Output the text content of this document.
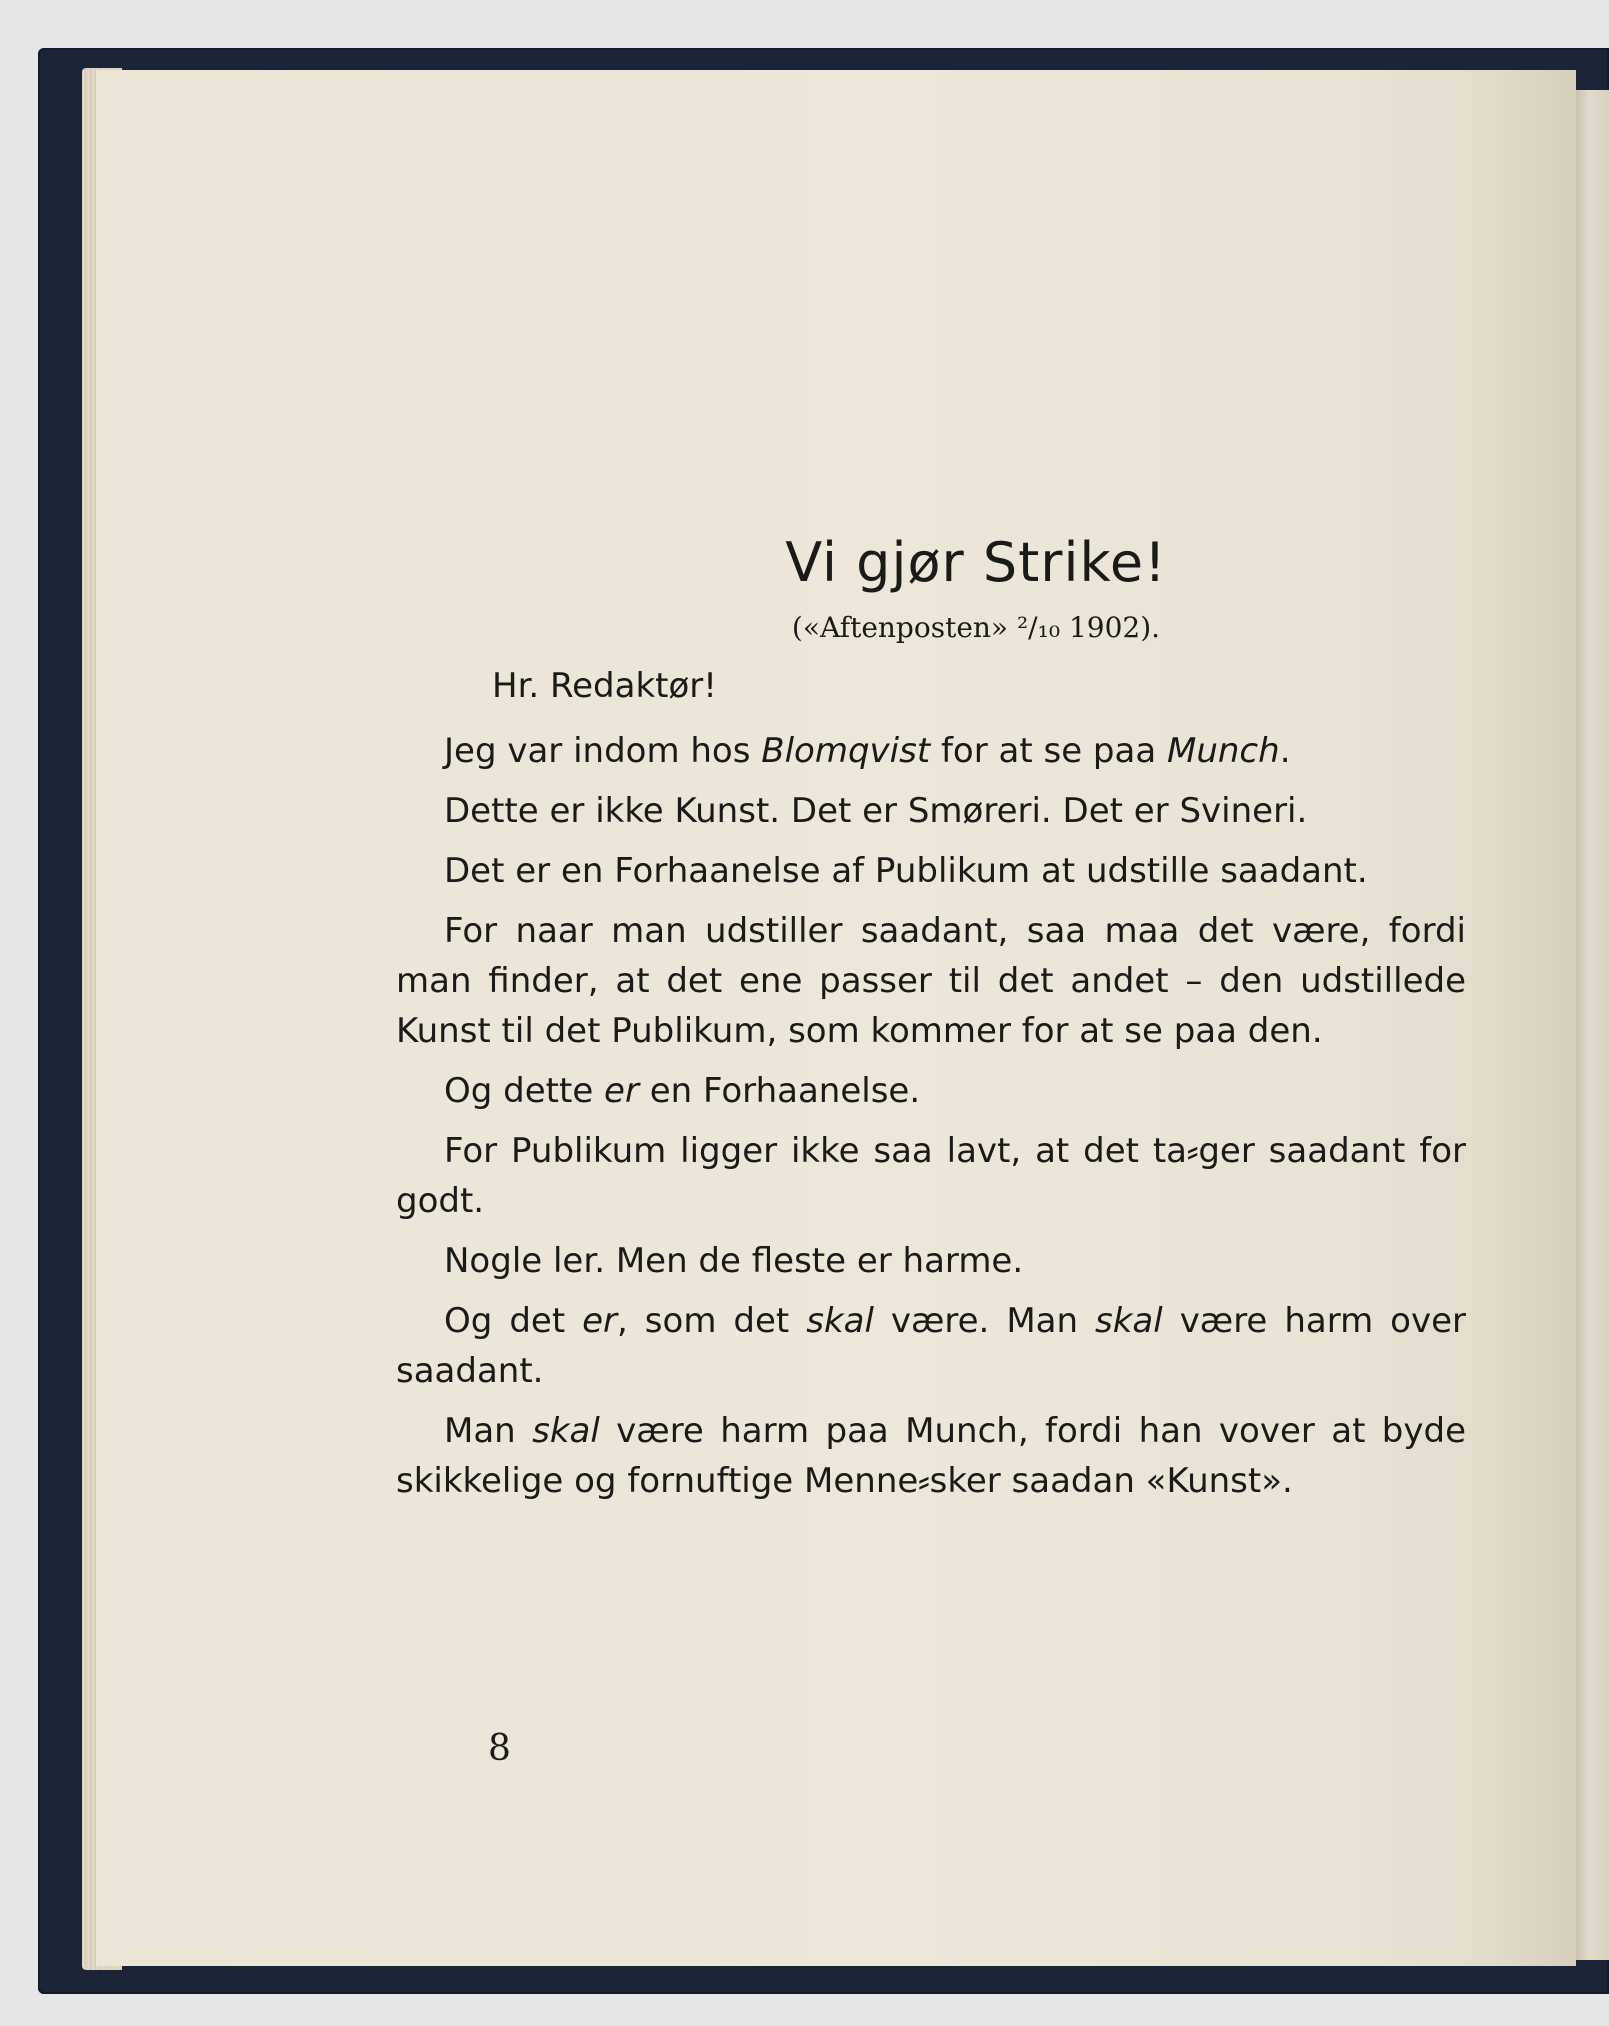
Vi gjør Strike!
(«Aftenposten» ²/₁₀ 1902).
Hr. Redaktør!

Jeg var indom hos Blomqvist for at se paa Munch.

Dette er ikke Kunst. Det er Smøreri. Det er Svineri.

Det er en Forhaanelse af Publikum at udstille saadant.

For naar man udstiller saadant, saa maa det være, fordi man finder, at det ene passer til det andet – den udstillede Kunst til det Publikum, som kommer for at se paa den.

Og dette er en Forhaanelse.

For Publikum ligger ikke saa lavt, at det ta⸗ger saadant for godt.

Nogle ler. Men de fleste er harme.

Og det er, som det skal være. Man skal være harm over saadant.

Man skal være harm paa Munch, fordi han vover at byde skikkelige og fornuftige Menne⸗sker saadan «Kunst».

8
